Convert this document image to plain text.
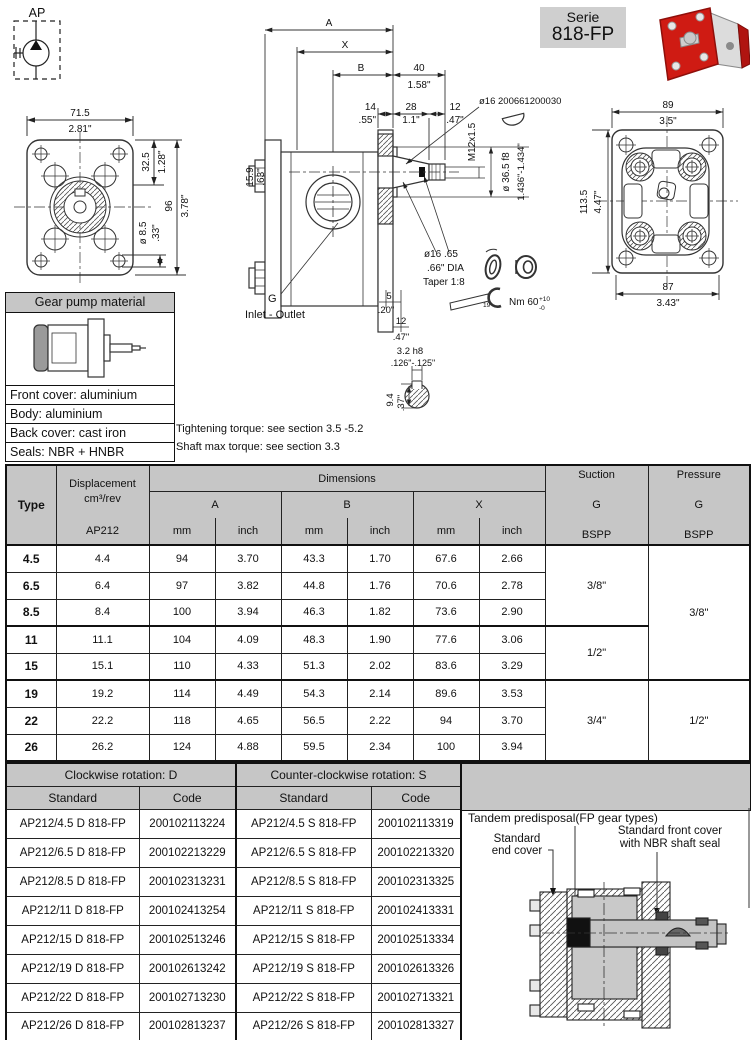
AP	Serie
818-FP
71.5
2.81"
32.5 1.28"
96 3.78"
ø 8.5 .33"
A
X
B	40
1.58"
14
.55"
28
1.1"
12
.47"
15.9 .63"
ø16 200661200030
M12x1.5
ø 36.5 f8 1.436"-1.434"
ø16 .65
.66" DIA
Taper 1:8
19 Nm 60 +10
-0
G
Inlet - Outlet
5
.20"
12
.47"
3.2 h8
.126"-.125"
9.4 .37"
89
3.5"
113.5 4.47"
87
3.43"
Gear pump material
Front cover: aluminium
Body: aluminium
Back cover: cast iron
Seals: NBR + HNBR
Tightening torque: see section 3.5 -5.2
Shaft max torque: see section 3.3
Type	Displacement
cm³/rev	Dimensions						Suction
G
BSPP	Pressure
G
BSPP

		A		B		X			
	AP212	mm	inch	mm	inch	mm	inch		
4.5	4.4	94	3.70	43.3	1.70	67.6	2.66	3/8"	3/8"
6.5	6.4	97	3.82	44.8	1.76	70.6	2.78		
8.5	8.4	100	3.94	46.3	1.82	73.6	2.90		
11	11.1	104	4.09	48.3	1.90	77.6	3.06	1/2"	
15	15.1	110	4.33	51.3	2.02	83.6	3.29		
19	19.2	114	4.49	54.3	2.14	89.6	3.53	3/4"	1/2"
22	22.2	118	4.65	56.5	2.22	94	3.70		
26	26.2	124	4.88	59.5	2.34	100	3.94		
Clockwise rotation: D		Counter-clockwise rotation: S	
Standard	Code	Standard	Code
AP212/4.5 D 818-FP	200102113224	AP212/4.5 S 818-FP	200102113319
AP212/6.5 D 818-FP	200102213229	AP212/6.5 S 818-FP	200102213320
AP212/8.5 D 818-FP	200102313231	AP212/8.5 S 818-FP	200102313325
AP212/11 D 818-FP	200102413254	AP212/11 S 818-FP	200102413331
AP212/15 D 818-FP	200102513246	AP212/15 S 818-FP	200102513334
AP212/19 D 818-FP	200102613242	AP212/19 S 818-FP	200102613326
AP212/22 D 818-FP	200102713230	AP212/22 S 818-FP	200102713321
AP212/26 D 818-FP	200102813237	AP212/26 S 818-FP	200102813327
Tandem predisposal(FP gear types)
Standard
end cover
Standard front cover
with NBR shaft seal
